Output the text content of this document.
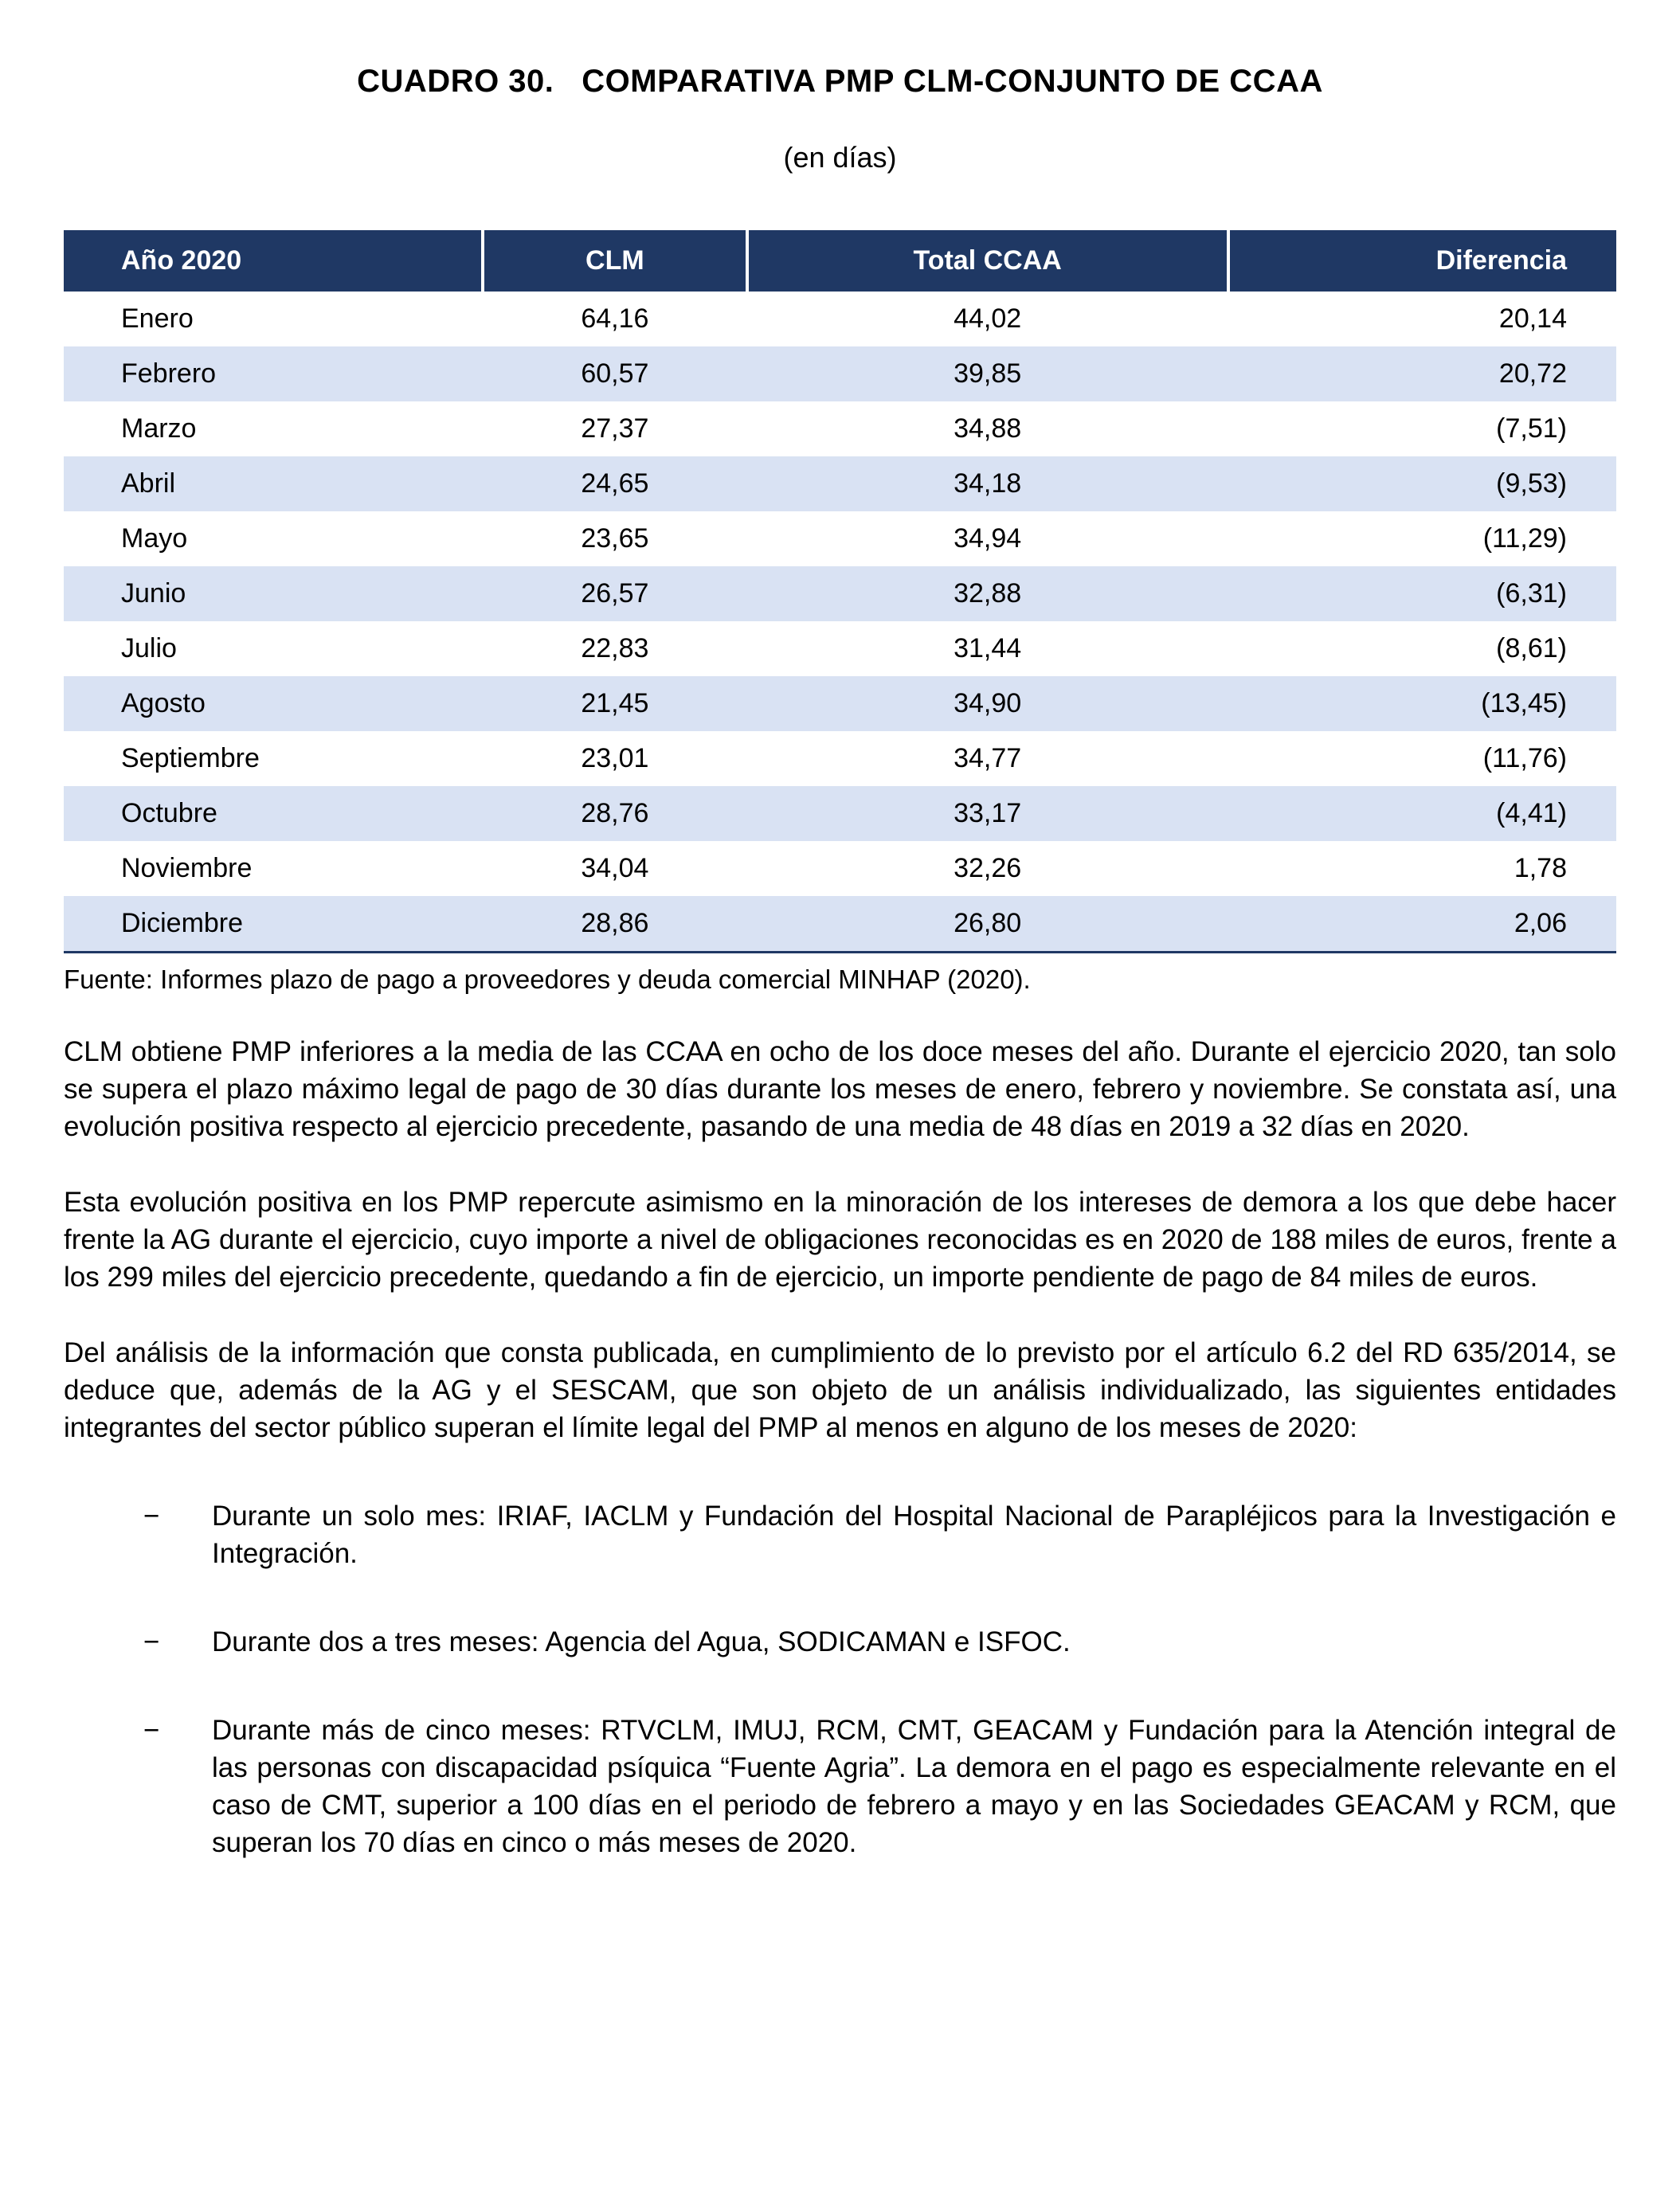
CUADRO 30.   COMPARATIVA PMP CLM-CONJUNTO DE CCAA
(en días)
Año 2020	CLM	Total CCAA	Diferencia
Enero	64,16	44,02	20,14
Febrero	60,57	39,85	20,72
Marzo	27,37	34,88	(7,51)
Abril	24,65	34,18	(9,53)
Mayo	23,65	34,94	(11,29)
Junio	26,57	32,88	(6,31)
Julio	22,83	31,44	(8,61)
Agosto	21,45	34,90	(13,45)
Septiembre	23,01	34,77	(11,76)
Octubre	28,76	33,17	(4,41)
Noviembre	34,04	32,26	1,78
Diciembre	28,86	26,80	2,06
Fuente: Informes plazo de pago a proveedores y deuda comercial MINHAP (2020).

CLM obtiene PMP inferiores a la media de las CCAA en ocho de los doce meses del año. Durante el ejercicio 2020, tan solo se supera el plazo máximo legal de pago de 30 días durante los meses de enero, febrero y noviembre. Se constata así, una evolución positiva respecto al ejercicio precedente, pasando de una media de 48 días en 2019 a 32 días en 2020.

Esta evolución positiva en los PMP repercute asimismo en la minoración de los intereses de demora a los que debe hacer frente la AG durante el ejercicio, cuyo importe a nivel de obligaciones reconocidas es en 2020 de 188 miles de euros, frente a los 299 miles del ejercicio precedente, quedando a fin de ejercicio, un importe pendiente de pago de 84 miles de euros.

Del análisis de la información que consta publicada, en cumplimiento de lo previsto por el artículo 6.2 del RD 635/2014, se deduce que, además de la AG y el SESCAM, que son objeto de un análisis individualizado, las siguientes entidades integrantes del sector público superan el límite legal del PMP al menos en alguno de los meses de 2020:

−	Durante un solo mes: IRIAF, IACLM y Fundación del Hospital Nacional de Parapléjicos para la Investigación e Integración.
−	Durante dos a tres meses: Agencia del Agua, SODICAMAN e ISFOC.
−	Durante más de cinco meses: RTVCLM, IMUJ, RCM, CMT, GEACAM y Fundación para la Atención integral de las personas con discapacidad psíquica “Fuente Agria”. La demora en el pago es especialmente relevante en el caso de CMT, superior a 100 días en el periodo de febrero a mayo y en las Sociedades GEACAM y RCM, que superan los 70 días en cinco o más meses de 2020.
